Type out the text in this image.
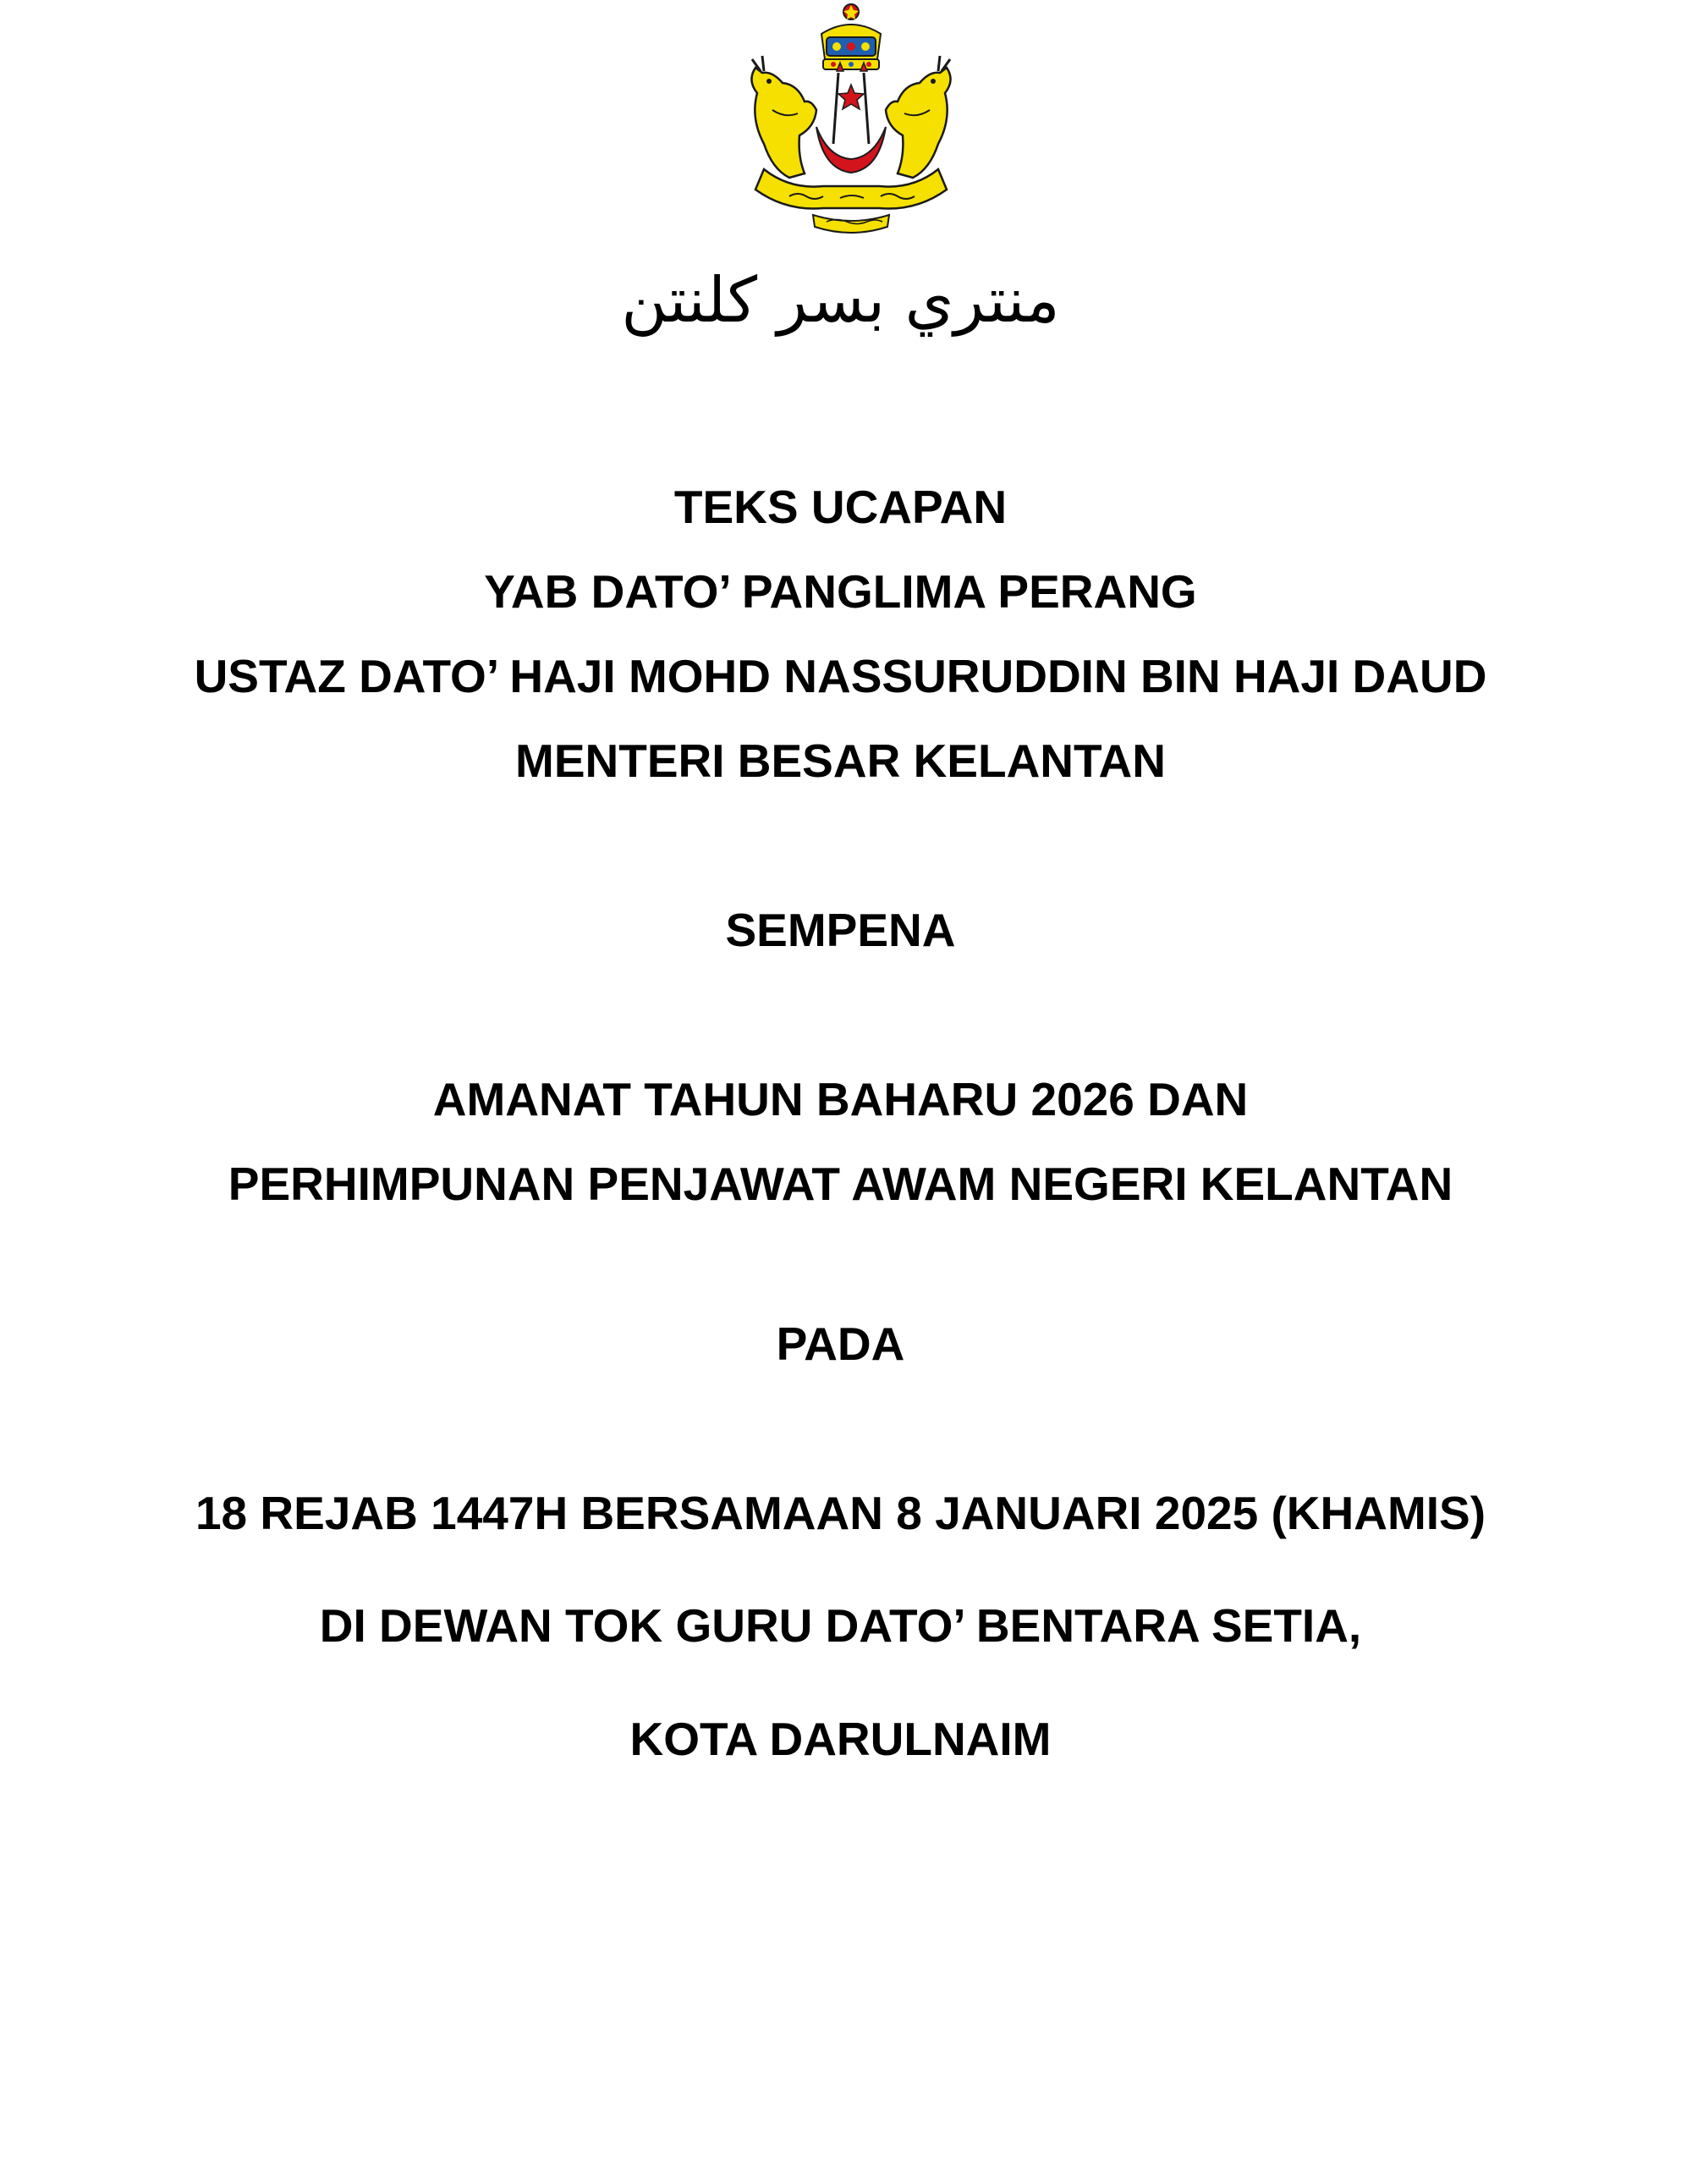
منتري بسر كلنتن
TEKS UCAPAN
YAB DATO’ PANGLIMA PERANG
USTAZ DATO’ HAJI MOHD NASSURUDDIN BIN HAJI DAUD
MENTERI BESAR KELANTAN
SEMPENA
AMANAT TAHUN BAHARU 2026 DAN
PERHIMPUNAN PENJAWAT AWAM NEGERI KELANTAN
PADA
18 REJAB 1447H BERSAMAAN 8 JANUARI 2025 (KHAMIS)
DI DEWAN TOK GURU DATO’ BENTARA SETIA,
KOTA DARULNAIM
